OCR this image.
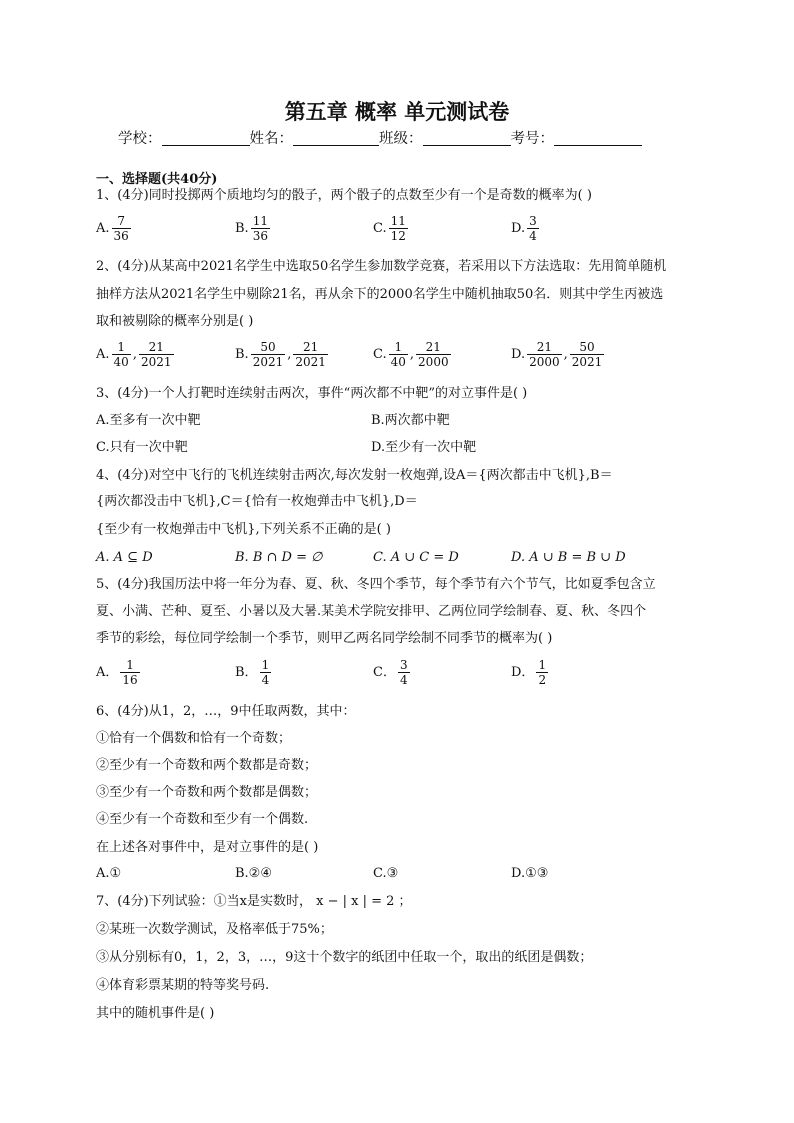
第五章 概率 单元测试卷
学校：	姓名：	班级：	考号：
一、选择题(共40分)
1、(4分)同时投掷两个质地均匀的骰子，两个骰子的点数至少有一个是奇数的概率为( )
A. $\frac{7}{36}$	B. $\frac{11}{36}$	C. $\frac{11}{12}$	D. $\frac{3}{4}$
2、(4分)从某高中2021名学生中选取50名学生参加数学竞赛，若采用以下方法选取：先用简单随机
抽样方法从2021名学生中剔除21名，再从余下的2000名学生中随机抽取50名．则其中学生丙被选
取和被剔除的概率分别是( )
A. $\frac{1}{40}$ , $\frac{21}{2021}$	B. $\frac{50}{2021}$ , $\frac{21}{2021}$	C. $\frac{1}{40}$ , $\frac{21}{2000}$	D. $\frac{21}{2000}$ , $\frac{50}{2021}$
3、(4分)一个人打靶时连续射击两次，事件“两次都不中靶”的对立事件是( )
A.至多有一次中靶	B.两次都中靶
C.只有一次中靶	D.至少有一次中靶
4、(4分)对空中飞行的飞机连续射击两次,每次发射一枚炮弹,设A＝{两次都击中飞机},B＝
{两次都没击中飞机},C＝{恰有一枚炮弹击中飞机},D＝
{至少有一枚炮弹击中飞机},下列关系不正确的是( )
A. A ⊆ D	B. B ∩ D = ∅	C. A ∪ C = D	D. A ∪ B = B ∪ D
5、(4分)我国历法中将一年分为春、夏、秋、冬四个季节，每个季节有六个节气，比如夏季包含立
夏、小满、芒种、夏至、小暑以及大暑.某美术学院安排甲、乙两位同学绘制春、夏、秋、冬四个
季节的彩绘，每位同学绘制一个季节，则甲乙两名同学绘制不同季节的概率为( )
A． $\frac{1}{16}$	B． $\frac{1}{4}$	C． $\frac{3}{4}$	D． $\frac{1}{2}$
6、(4分)从1，2，…，9中任取两数，其中：
①恰有一个偶数和恰有一个奇数；
②至少有一个奇数和两个数都是奇数；
③至少有一个奇数和两个数都是偶数；
④至少有一个奇数和至少有一个偶数.
在上述各对事件中，是对立事件的是( )
A.①	B.②④	C.③	D.①③
7、(4分)下列试验：①当x是实数时， x − | x | = 2 ；
②某班一次数学测试，及格率低于75%；
③从分别标有0，1，2，3，…，9这十个数字的纸团中任取一个，取出的纸团是偶数；
④体育彩票某期的特等奖号码.
其中的随机事件是( )
